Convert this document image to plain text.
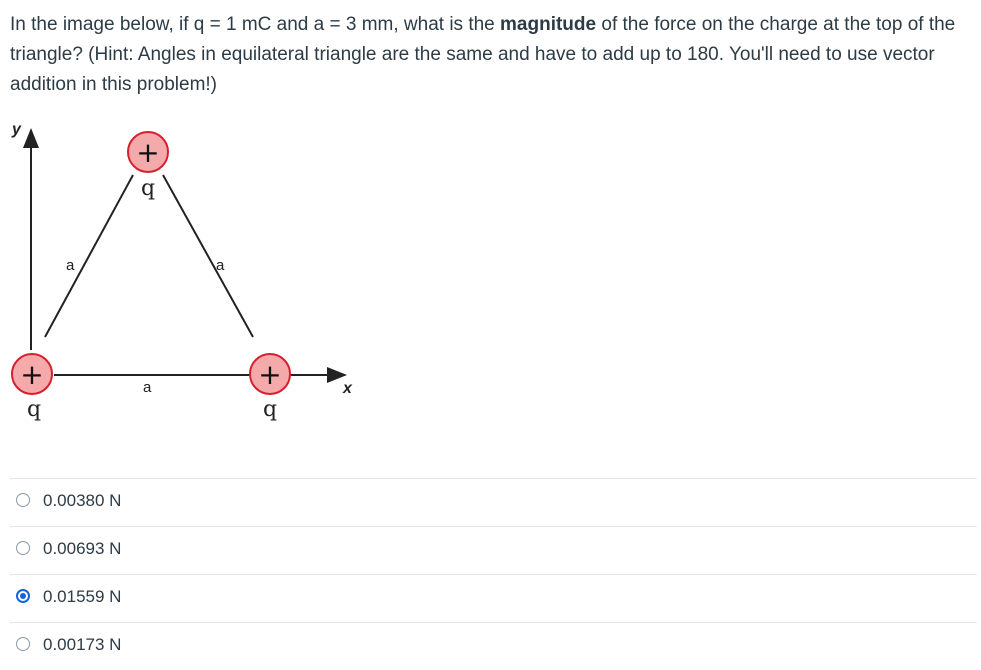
In the image below, if q = 1 mC and a = 3 mm, what is the magnitude of the force on the charge at the top of the triangle? (Hint: Angles in equilateral triangle are the same and have to add up to 180. You'll need to use vector addition in this problem!)
y
x
a	a
a
+
q
+
q
+
q
0.00380 N
0.00693 N
0.01559 N
0.00173 N
